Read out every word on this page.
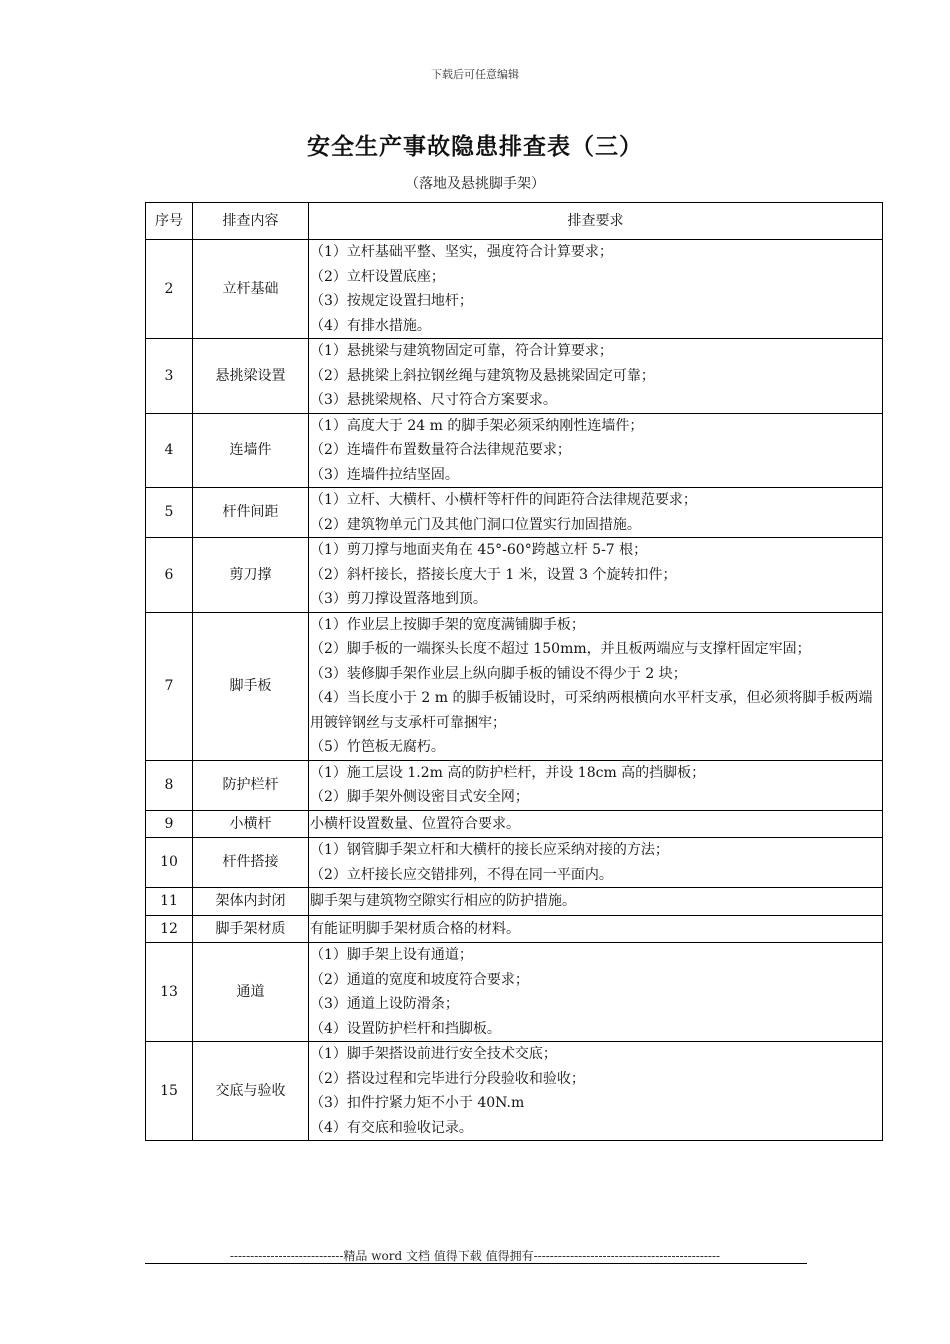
下载后可任意编辑
安全生产事故隐患排查表（三）
（落地及悬挑脚手架）
序号	排查内容	排查要求
2	立杆基础	（1）立杆基础平整、坚实，强度符合计算要求；
（2）立杆设置底座；
（3）按规定设置扫地杆；
（4）有排水措施。

3	悬挑梁设置	（1）悬挑梁与建筑物固定可靠，符合计算要求；
（2）悬挑梁上斜拉钢丝绳与建筑物及悬挑梁固定可靠；
（3）悬挑梁规格、尺寸符合方案要求。

4	连墙件	（1）高度大于 24 m 的脚手架必须采纳刚性连墙件；
（2）连墙件布置数量符合法律规范要求；
（3）连墙件拉结坚固。

5	杆件间距	（1）立杆、大横杆、小横杆等杆件的间距符合法律规范要求；
（2）建筑物单元门及其他门洞口位置实行加固措施。

6	剪刀撑	（1）剪刀撑与地面夹角在 45°-60°跨越立杆 5-7 根；
（2）斜杆接长，搭接长度大于 1 米，设置 3 个旋转扣件；
（3）剪刀撑设置落地到顶。

7	脚手板	（1）作业层上按脚手架的宽度满铺脚手板；
（2）脚手板的一端探头长度不超过 150mm，并且板两端应与支撑杆固定牢固；
（3）装修脚手架作业层上纵向脚手板的铺设不得少于 2 块；
（4）当长度小于 2 m 的脚手板铺设时，可采纳两根横向水平杆支承，但必须将脚手板两端用镀锌钢丝与支承杆可靠捆牢；
（5）竹笆板无腐朽。

8	防护栏杆	（1）施工层设 1.2m 高的防护栏杆，并设 18cm 高的挡脚板；
（2）脚手架外侧设密目式安全网；

9	小横杆	小横杆设置数量、位置符合要求。

10	杆件搭接	（1）钢管脚手架立杆和大横杆的接长应采纳对接的方法；
（2）立杆接长应交错排列，不得在同一平面内。

11	架体内封闭	脚手架与建筑物空隙实行相应的防护措施。

12	脚手架材质	有能证明脚手架材质合格的材料。

13	通道	（1）脚手架上设有通道；
（2）通道的宽度和坡度符合要求；
（3）通道上设防滑条；
（4）设置防护栏杆和挡脚板。

15	交底与验收	（1）脚手架搭设前进行安全技术交底；
（2）搭设过程和完毕进行分段验收和验收；
（3）扣件拧紧力矩不小于 40N.m
（4）有交底和验收记录。
----------------------------精品 word 文档 值得下载 值得拥有----------------------------------------------
